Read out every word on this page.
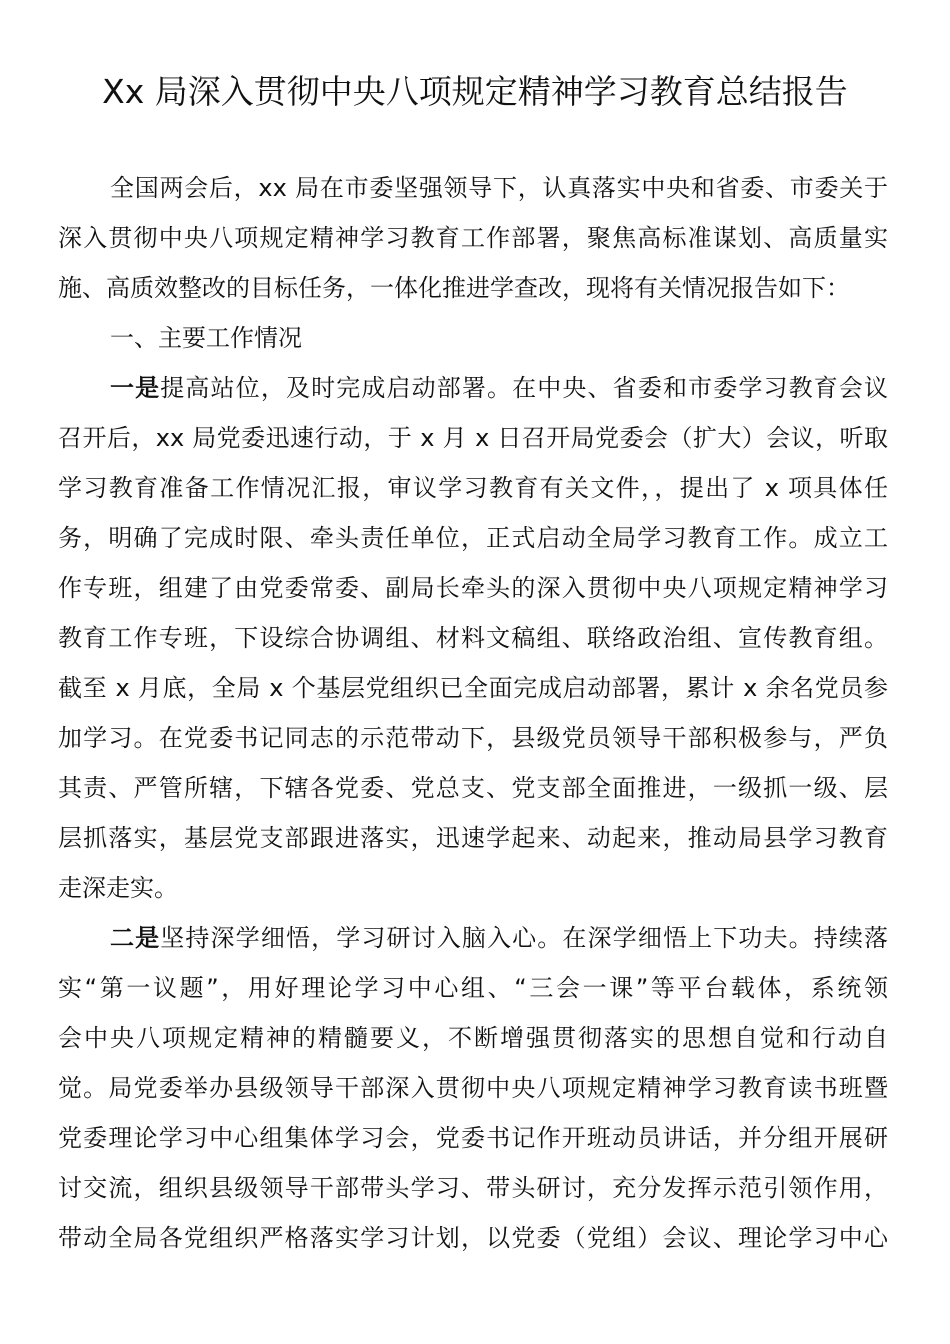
Xx 局深入贯彻中央八项规定精神学习教育总结报告
全国两会后，xx 局在市委坚强领导下，认真落实中央和省委、市委关于
深入贯彻中央八项规定精神学习教育工作部署，聚焦高标准谋划、高质量实
施、高质效整改的目标任务，一体化推进学查改，现将有关情况报告如下：
一、主要工作情况
一是提高站位，及时完成启动部署。在中央、省委和市委学习教育会议
召开后，xx 局党委迅速行动，于 x 月 x 日召开局党委会（扩大）会议，听取
学习教育准备工作情况汇报，审议学习教育有关文件，，提出了 x 项具体任
务，明确了完成时限、牵头责任单位，正式启动全局学习教育工作。成立工
作专班，组建了由党委常委、副局长牵头的深入贯彻中央八项规定精神学习
教育工作专班，下设综合协调组、材料文稿组、联络政治组、宣传教育组。
截至 x 月底，全局 x 个基层党组织已全面完成启动部署，累计 x 余名党员参
加学习。在党委书记同志的示范带动下，县级党员领导干部积极参与，严负
其责、严管所辖，下辖各党委、党总支、党支部全面推进，一级抓一级、层
层抓落实，基层党支部跟进落实，迅速学起来、动起来，推动局县学习教育
走深走实。
二是坚持深学细悟，学习研讨入脑入心。在深学细悟上下功夫。持续落
实“第一议题”，用好理论学习中心组、“三会一课”等平台载体，系统领
会中央八项规定精神的精髓要义，不断增强贯彻落实的思想自觉和行动自
觉。局党委举办县级领导干部深入贯彻中央八项规定精神学习教育读书班暨
党委理论学习中心组集体学习会，党委书记作开班动员讲话，并分组开展研
讨交流，组织县级领导干部带头学习、带头研讨，充分发挥示范引领作用，
带动全局各党组织严格落实学习计划，以党委（党组）会议、理论学习中心
